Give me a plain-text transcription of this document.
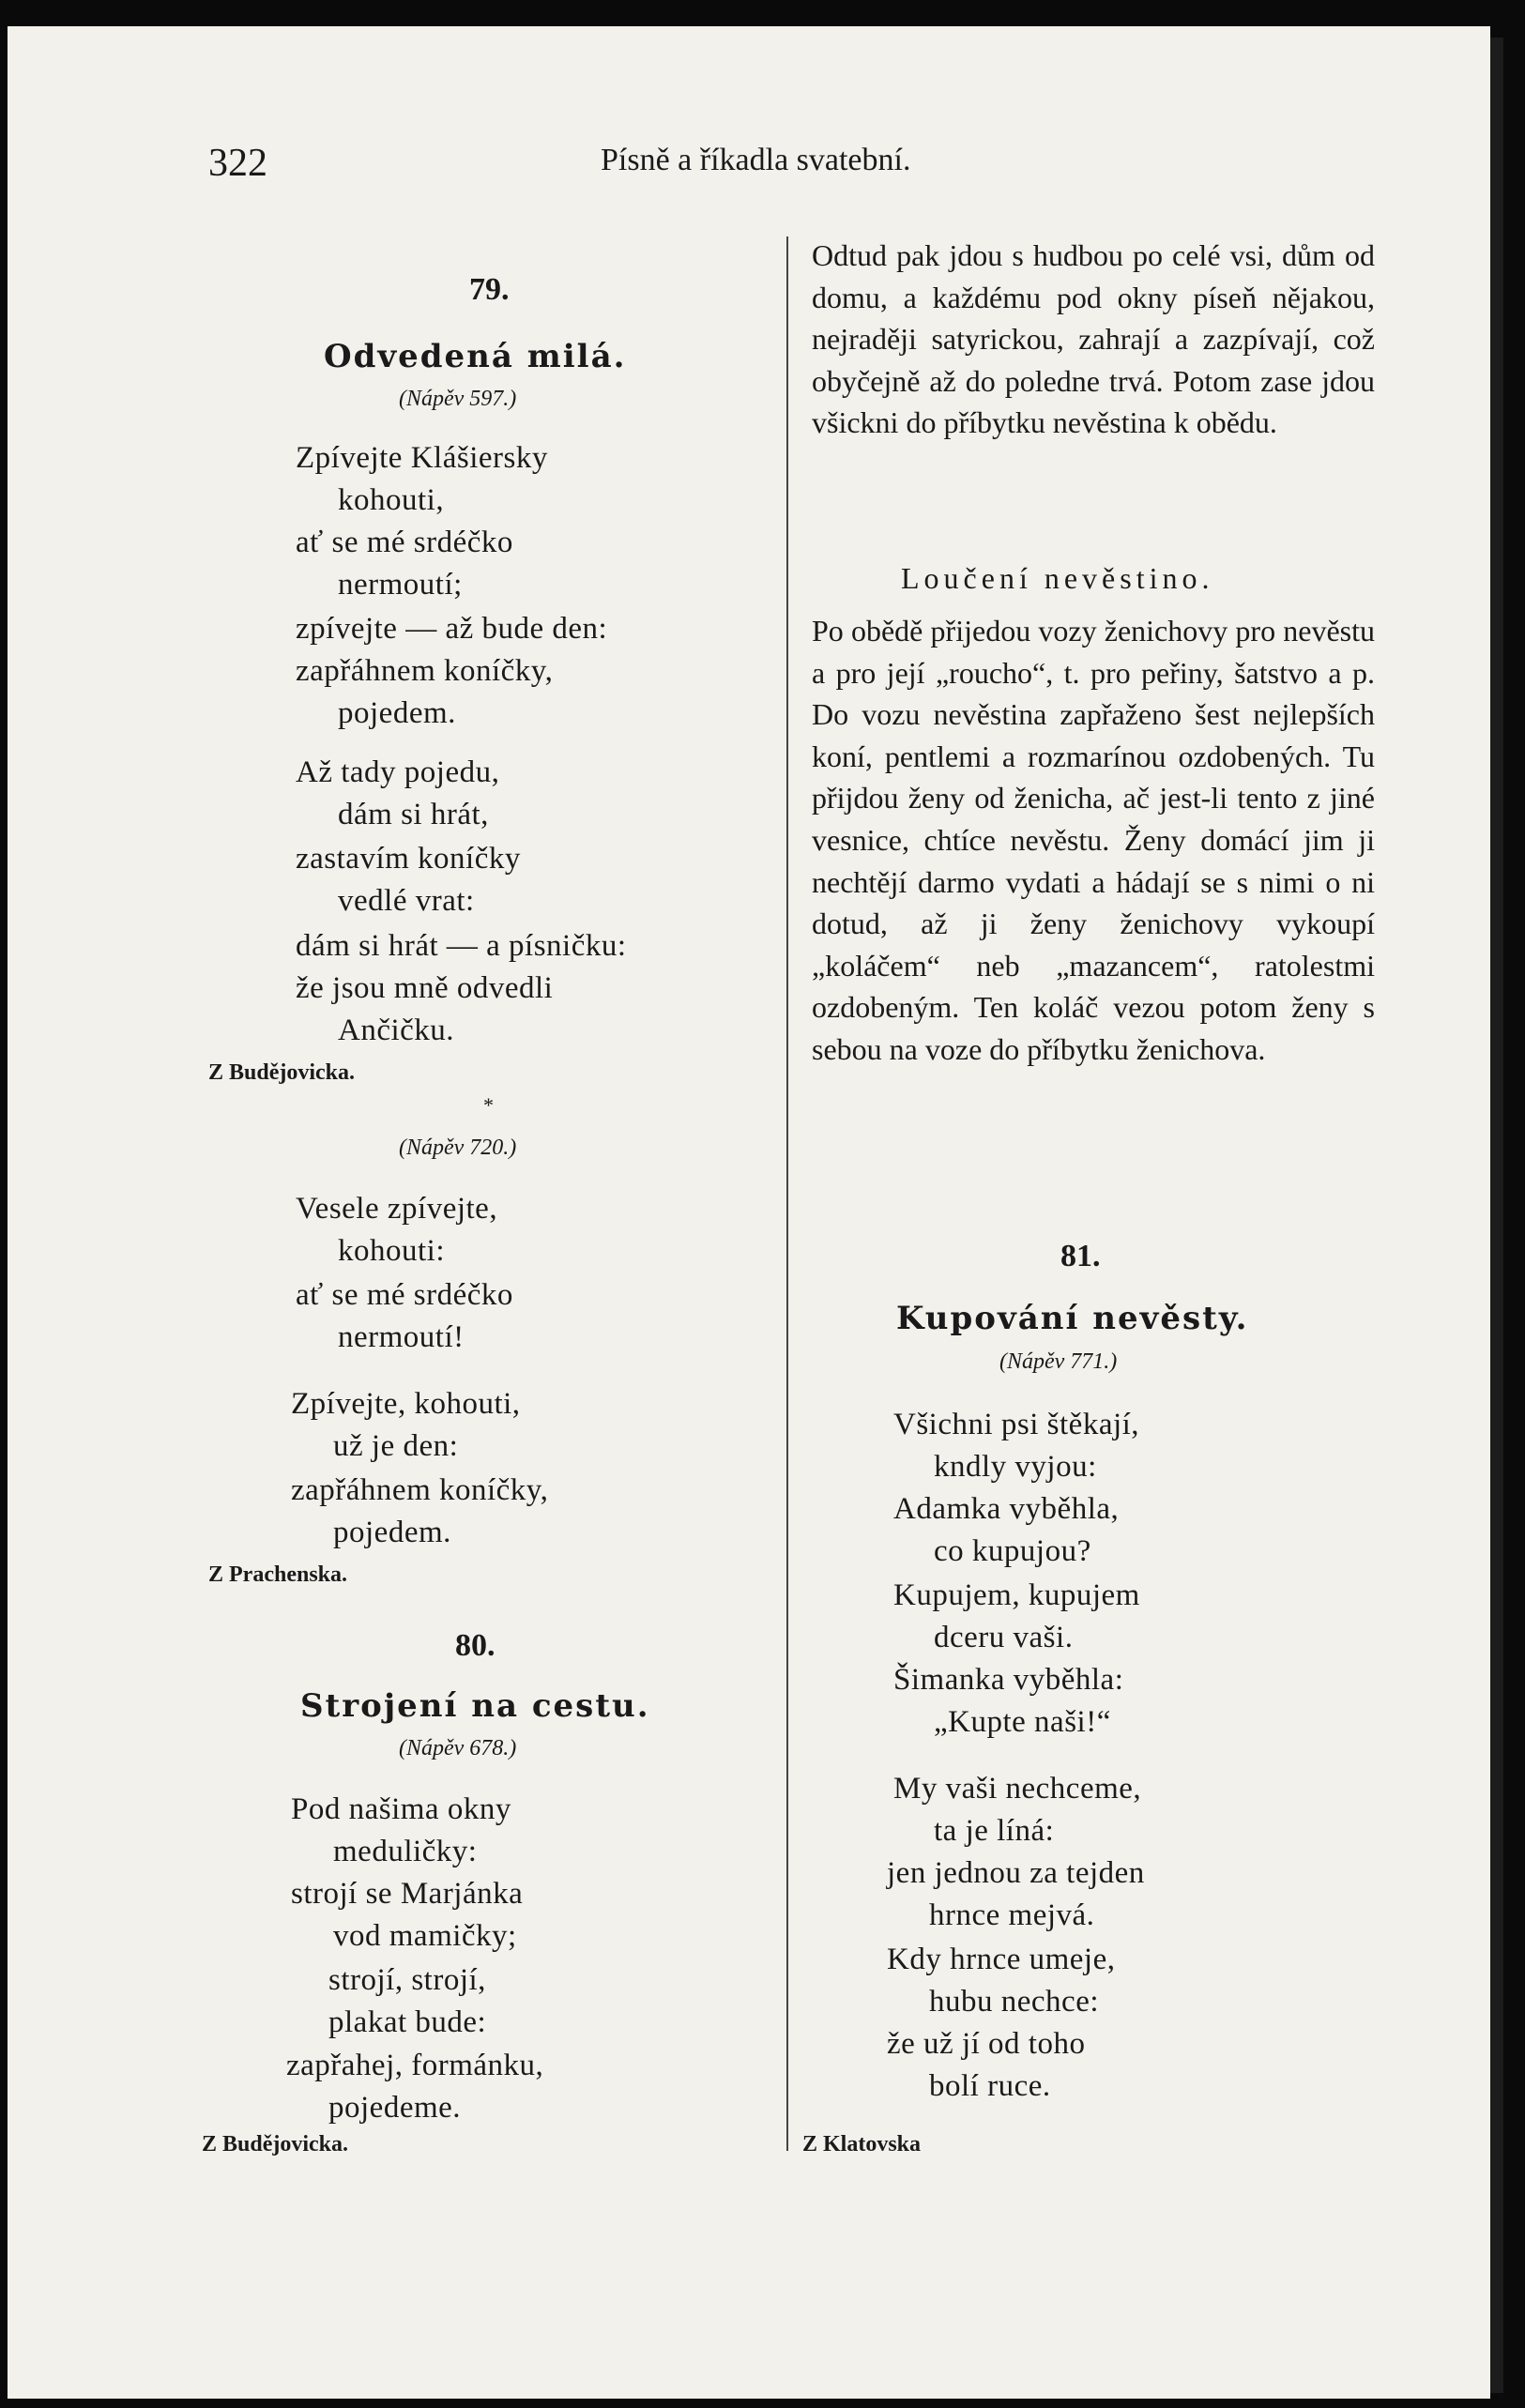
322	Písně a říkadla svatební.
79.
Odvedená milá.
(Nápěv 597.)
Zpívejte Klášiersky
kohouti,
ať se mé srdéčko
nermoutí;
zpívejte — až bude den:
zapřáhnem koníčky,
pojedem.
Až tady pojedu,
dám si hrát,
zastavím koníčky
vedlé vrat:
dám si hrát — a písničku:
že jsou mně odvedli
Ančičku.
Z Budějovicka.
*
(Nápěv 720.)
Vesele zpívejte,
kohouti:
ať se mé srdéčko
nermoutí!
Zpívejte, kohouti,
už je den:
zapřáhnem koníčky,
pojedem.
Z Prachenska.
80.
Strojení na cestu.
(Nápěv 678.)
Pod našima okny
meduličky:
strojí se Marjánka
vod mamičky;
strojí, strojí,
plakat bude:
zapřahej, formánku,
pojedeme.
Z Budějovicka.
Odtud pak jdou s hudbou po celé vsi, dům od domu, a každému pod okny píseň nějakou, nejraději satyrickou, zahrají a zazpívají, což obyčejně až do poledne trvá. Potom zase jdou všickni do příbytku nevěstina k obědu.
Loučení nevěstino.
Po obědě přijedou vozy ženichovy pro nevěstu a pro její „roucho“, t. pro peřiny, šatstvo a p. Do vozu nevěstina zapřaženo šest nejlepších koní, pentlemi a rozmarínou ozdobených. Tu přijdou ženy od ženicha, ač jest-li tento z jiné vesnice, chtíce nevěstu. Ženy domácí jim ji nechtějí darmo vydati a hádají se s nimi o ni dotud, až ji ženy ženichovy vykoupí „koláčem“ neb „mazancem“, ratolestmi ozdobeným. Ten koláč vezou potom ženy s sebou na voze do příbytku ženichova.
81.
Kupování nevěsty.
(Nápěv 771.)
Všichni psi štěkají,
kndly vyjou:
Adamka vyběhla,
co kupujou?
Kupujem, kupujem
dceru vaši.
Šimanka vyběhla:
„Kupte naši!“
My vaši nechceme,
ta je líná:
jen jednou za tejden
hrnce mejvá.
Kdy hrnce umeje,
hubu nechce:
že už jí od toho
bolí ruce.
Z Klatovska
